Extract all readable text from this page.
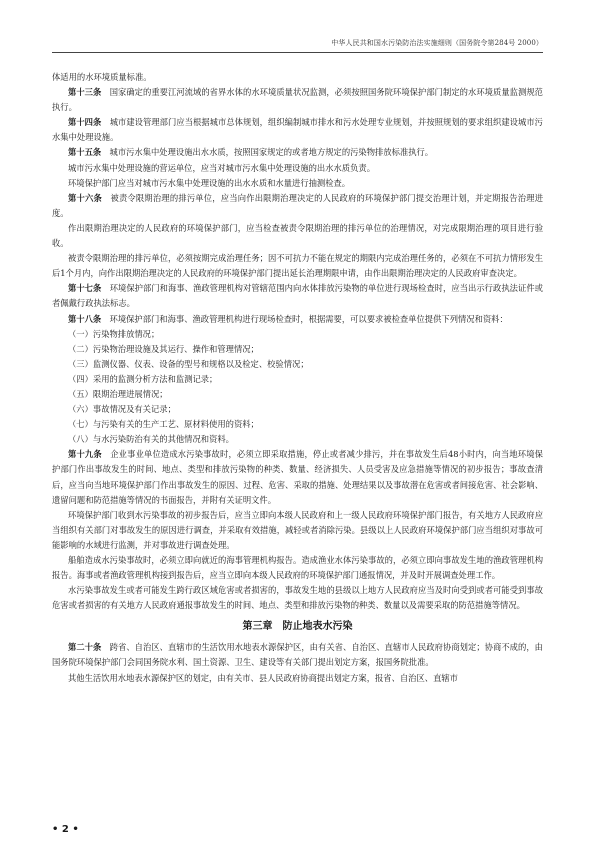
中华人民共和国水污染防治法实施细则（国务院令第284号 2000）

体适用的水环境质量标准。

第十三条　 国家确定的重要江河流域的省界水体的水环境质量状况监测，必须按照国务院环境保护部门制定的水环境质量监测规范执行。

第十四条　 城市建设管理部门应当根据城市总体规划，组织编制城市排水和污水处理专业规划，并按照规划的要求组织建设城市污水集中处理设施。

第十五条　 城市污水集中处理设施出水水质，按照国家规定的或者地方规定的污染物排放标准执行。

城市污水集中处理设施的营运单位，应当对城市污水集中处理设施的出水水质负责。

环境保护部门应当对城市污水集中处理设施的出水水质和水量进行抽测检查。

第十六条　 被责令限期治理的排污单位，应当向作出限期治理决定的人民政府的环境保护部门提交治理计划，并定期报告治理进度。

作出限期治理决定的人民政府的环境保护部门，应当检查被责令限期治理的排污单位的治理情况，对完成限期治理的项目进行验收。

被责令限期治理的排污单位，必须按期完成治理任务；因不可抗力不能在规定的期限内完成治理任务的，必须在不可抗力情形发生后1个月内，向作出限期治理决定的人民政府的环境保护部门提出延长治理期限申请，由作出限期治理决定的人民政府审查决定。

第十七条　 环境保护部门和海事、渔政管理机构对管辖范围内向水体排放污染物的单位进行现场检查时，应当出示行政执法证件或者佩戴行政执法标志。

第十八条　 环境保护部门和海事、渔政管理机构进行现场检查时，根据需要，可以要求被检查单位提供下列情况和资料：

（一）污染物排放情况；

（二）污染物治理设施及其运行、操作和管理情况；

（三）监测仪器、仪表、设备的型号和规格以及检定、校验情况；

（四）采用的监测分析方法和监测记录；

（五）限期治理进展情况；

（六）事故情况及有关记录；

（七）与污染有关的生产工艺、原材料使用的资料；

（八）与水污染防治有关的其他情况和资料。

第十九条　 企业事业单位造成水污染事故时，必须立即采取措施，停止或者减少排污，并在事故发生后48小时内，向当地环境保护部门作出事故发生的时间、地点、类型和排放污染物的种类、数量、经济损失、人员受害及应急措施等情况的初步报告；事故查清后，应当向当地环境保护部门作出事故发生的原因、过程、危害、采取的措施、处理结果以及事故潜在危害或者间接危害、社会影响、遗留问题和防范措施等情况的书面报告，并附有关证明文件。

环境保护部门收到水污染事故的初步报告后，应当立即向本级人民政府和上一级人民政府环境保护部门报告，有关地方人民政府应当组织有关部门对事故发生的原因进行调查，并采取有效措施，减轻或者消除污染。县级以上人民政府环境保护部门应当组织对事故可能影响的水域进行监测，并对事故进行调查处理。

船舶造成水污染事故时，必须立即向就近的海事管理机构报告。造成渔业水体污染事故的，必须立即向事故发生地的渔政管理机构报告。海事或者渔政管理机构接到报告后，应当立即向本级人民政府的环境保护部门通报情况，并及时开展调查处理工作。

水污染事故发生或者可能发生跨行政区域危害或者损害的，事故发生地的县级以上地方人民政府应当及时向受到或者可能受到事故危害或者损害的有关地方人民政府通报事故发生的时间、地点、类型和排放污染物的种类、数量以及需要采取的防范措施等情况。

第三章　防止地表水污染

第二十条　 跨省、自治区、直辖市的生活饮用水地表水源保护区，由有关省、自治区、直辖市人民政府协商划定；协商不成的，由国务院环境保护部门会同国务院水利、国土资源、卫生、建设等有关部门提出划定方案，报国务院批准。

其他生活饮用水地表水源保护区的划定，由有关市、县人民政府协商提出划定方案，报省、自治区、直辖市

• 2 •
